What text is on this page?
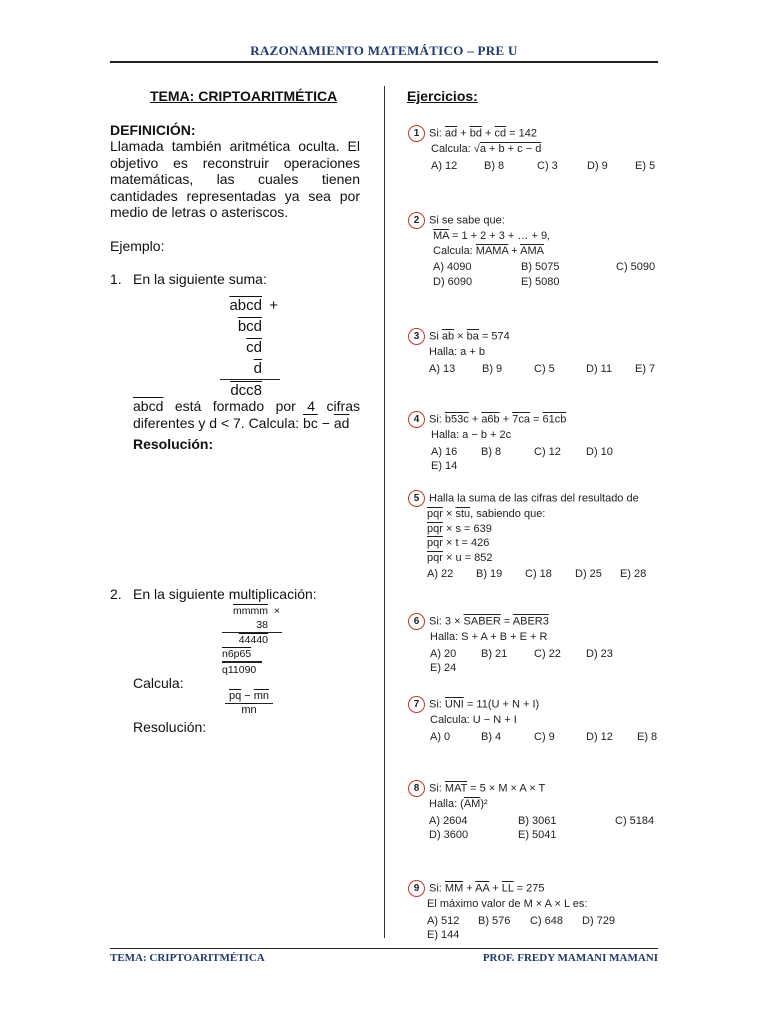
RAZONAMIENTO MATEMÁTICO – PRE U
TEMA: CRIPTOARITMÉTICA
DEFINICIÓN:
Llamada también aritmética oculta. El objetivo es reconstruir operaciones matemáticas, las cuales tienen cantidades representadas ya sea por medio de letras o asteriscos.
Ejemplo:
1. En la siguiente suma:
abcd +
$\overline{bcd}$
$\overline{cd}$
$\overline{d}$
dcc8
abcd está formado por 4 cifras diferentes y d < 7. Calcula: $\overline{bc} - \overline{ad}$
Resolución:
2. En la siguiente multiplicación:
mmmm ×
38
44440
n6p65
q11090
Calcula:
$\overline{pq} - \overline{mn}$
$\overline{mn}$
Resolución:
Ejercicios:
1 Si: $\overline{ad} + \overline{bd} + \overline{cd} = 142$
Calcula: √a + b + c − d
A) 12 B) 8	C) 3	D) 9 E) 5
2 Si se sabe que:
$\overline{MA} = 1 + 2 + 3$ + … + 9,
Calcula: MAMA + $\overline{AMA}$
A) 4090	B) 5075	C) 5090
D) 6090	E) 5080
3 Si $\overline{ab} \times \overline{ba} = 574$
Halla: a + b
A) 13 B) 9	C) 5	D) 11 E) 7
4 Si: b53c + a6b + 7ca = 61cb
Halla: a − b + 2c
A) 16 B) 8	C) 12 D) 10E) 14
5 Halla la suma de las cifras del resultado de
$\overline{pqr} \times \overline{stu}$, sabiendo que:
$\overline{pqr} \times s = 639$
$\overline{pqr} \times t = 426$
$\overline{pqr} \times u = 852$
A) 22 B) 19 C) 18 D) 25 E) 28
6 Si: 3 × SABER = ABER3
Halla: S + A + B + E + R
A) 20 B) 21 C) 22 D) 23E) 24
7 Si: $\overline{UNI} = 11(U + N + I)$
Calcula: U − N + I
A) 0	B) 4	C) 9	D) 12 E) 8
8 Si: $\overline{MAT} = 5 \times M \times A \times T$
Halla: $(\overline{AM})^2$
A) 2604	B) 3061	C) 5184
D) 3600	E) 5041
9 Si: $\overline{MM} + \overline{AA} + \overline{LL} = 275$
El máximo valor de M × A × L es:
A) 512 B) 576 C) 648 D) 729E) 144
TEMA: CRIPTOARITMÉTICA	PROF. FREDY MAMANI MAMANI
